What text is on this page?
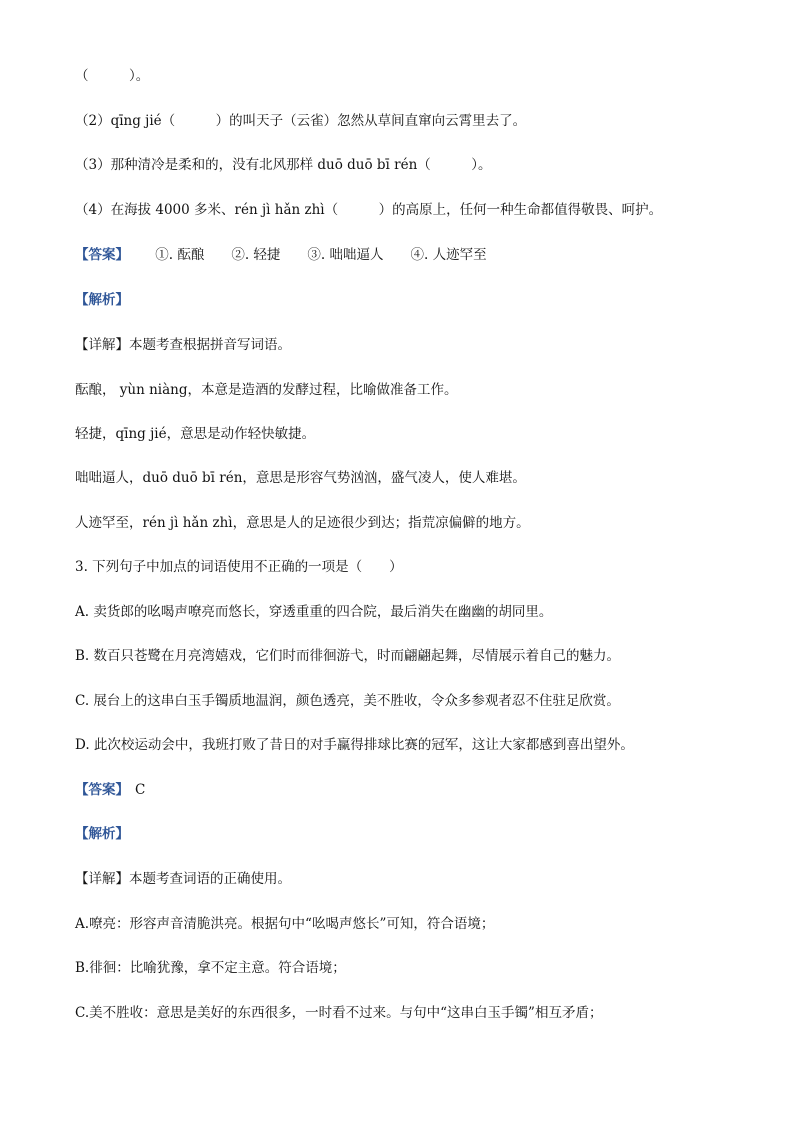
（　　　）。
（2）qīng jié（　　　）的叫天子（云雀）忽然从草间直窜向云霄里去了。
（3）那种清冷是柔和的，没有北风那样 duō duō bī rén（　　　）。
（4）在海拔 4000 多米、rén jì hǎn zhì（　　　）的高原上，任何一种生命都值得敬畏、呵护。
【答案】　　①. 酝酿　　②. 轻捷　　③. 咄咄逼人　　④. 人迹罕至
【解析】
【详解】本题考查根据拼音写词语。
酝酿， yùn niàng，本意是造酒的发酵过程，比喻做准备工作。
轻捷，qīng jié，意思是动作轻快敏捷。
咄咄逼人，duō duō bī rén，意思是形容气势汹汹，盛气凌人，使人难堪。
人迹罕至，rén jì hǎn zhì，意思是人的足迹很少到达；指荒凉偏僻的地方。
3. 下列句子中加点的词语使用不正确的一项是（　　）
A. 卖货郎的吆喝声嘹亮而悠长，穿透重重的四合院，最后消失在幽幽的胡同里。
B. 数百只苍鹭在月亮湾嬉戏，它们时而徘徊游弋，时而翩翩起舞，尽情展示着自己的魅力。
C. 展台上的这串白玉手镯质地温润，颜色透亮，美不胜收，令众多参观者忍不住驻足欣赏。
D. 此次校运动会中，我班打败了昔日的对手赢得排球比赛的冠军，这让大家都感到喜出望外。
【答案】 C
【解析】
【详解】本题考查词语的正确使用。
A.嘹亮：形容声音清脆洪亮。根据句中“吆喝声悠长”可知，符合语境；
B.徘徊：比喻犹豫，拿不定主意。符合语境；
C.美不胜收：意思是美好的东西很多，一时看不过来。与句中“这串白玉手镯”相互矛盾；
